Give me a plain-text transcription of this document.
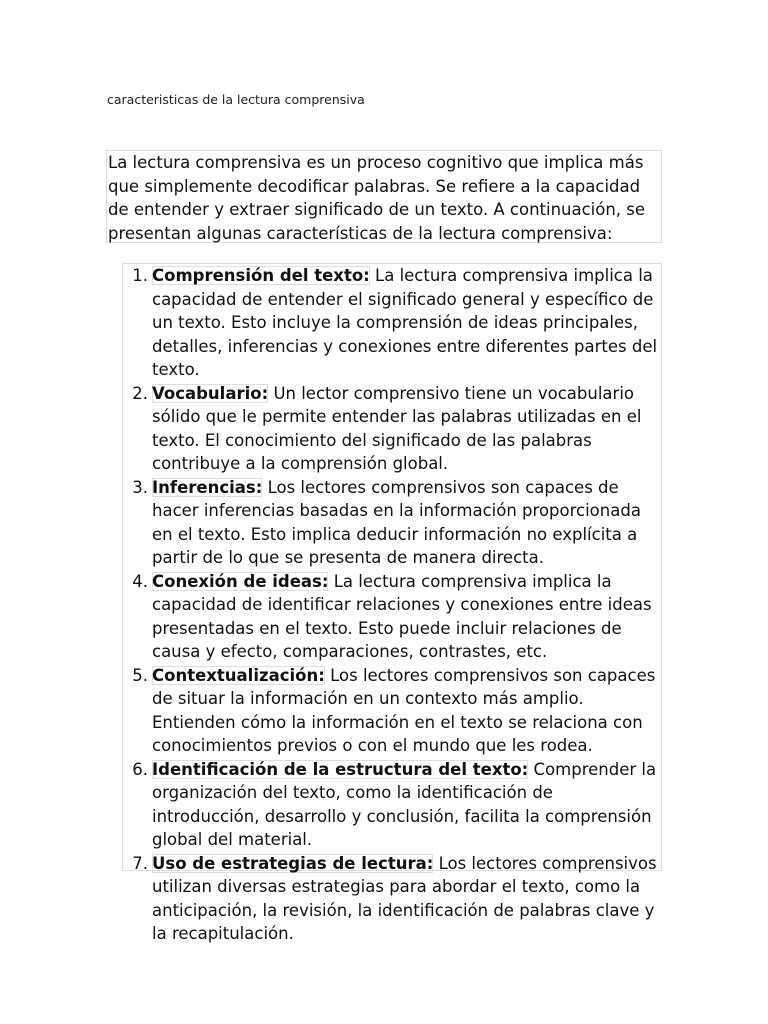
caracteristicas de la lectura comprensiva

La lectura comprensiva es un proceso cognitivo que implica más que simplemente decodificar palabras. Se refiere a la capacidad de entender y extraer significado de un texto. A continuación, se presentan algunas características de la lectura comprensiva:

1. Comprensión del texto: La lectura comprensiva implica la capacidad de entender el significado general y específico de un texto. Esto incluye la comprensión de ideas principales, detalles, inferencias y conexiones entre diferentes partes del texto.
2. Vocabulario: Un lector comprensivo tiene un vocabulario sólido que le permite entender las palabras utilizadas en el texto. El conocimiento del significado de las palabras contribuye a la comprensión global.
3. Inferencias: Los lectores comprensivos son capaces de hacer inferencias basadas en la información proporcionada en el texto. Esto implica deducir información no explícita a partir de lo que se presenta de manera directa.
4. Conexión de ideas: La lectura comprensiva implica la capacidad de identificar relaciones y conexiones entre ideas presentadas en el texto. Esto puede incluir relaciones de causa y efecto, comparaciones, contrastes, etc.
5. Contextualización: Los lectores comprensivos son capaces de situar la información en un contexto más amplio. Entienden cómo la información en el texto se relaciona con conocimientos previos o con el mundo que les rodea.
6. Identificación de la estructura del texto: Comprender la organización del texto, como la identificación de introducción, desarrollo y conclusión, facilita la comprensión global del material.
7. Uso de estrategias de lectura: Los lectores comprensivos utilizan diversas estrategias para abordar el texto, como la anticipación, la revisión, la identificación de palabras clave y la recapitulación.
